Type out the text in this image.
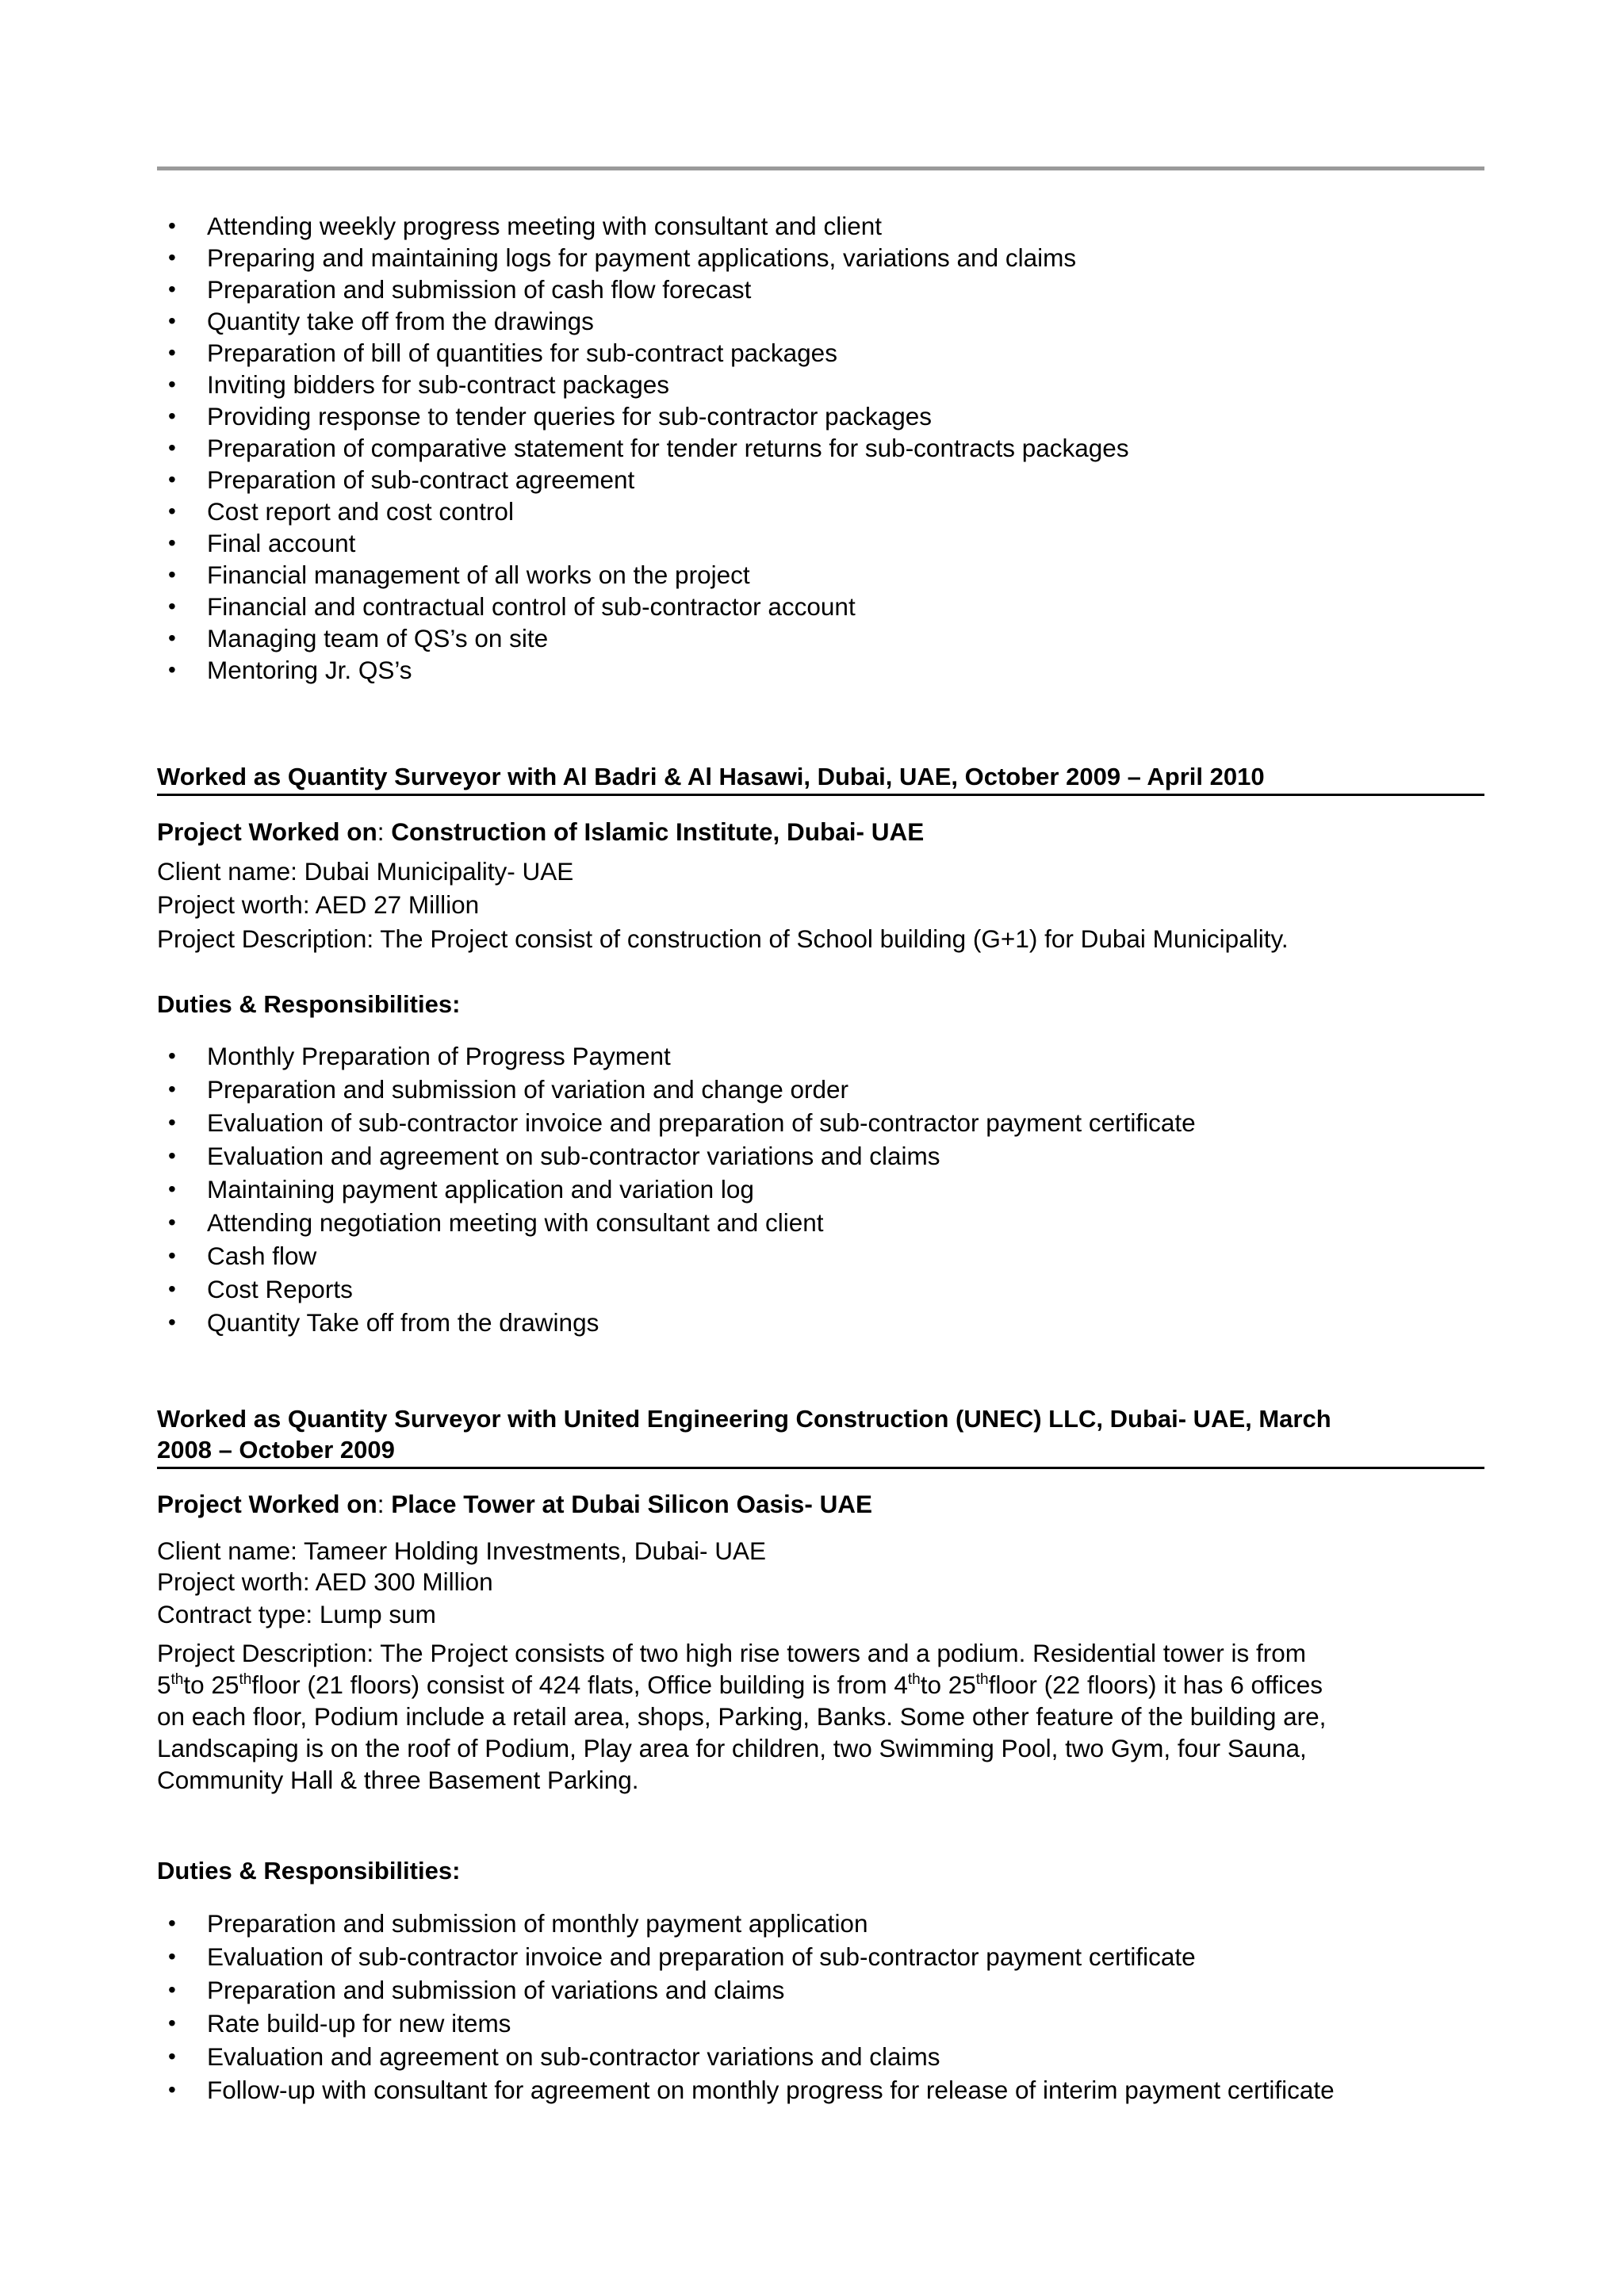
• Attending weekly progress meeting with consultant and client
• Preparing and maintaining logs for payment applications, variations and claims
• Preparation and submission of cash flow forecast
• Quantity take off from the drawings
• Preparation of bill of quantities for sub-contract packages
• Inviting bidders for sub-contract packages
• Providing response to tender queries for sub-contractor packages
• Preparation of comparative statement for tender returns for sub-contracts packages
• Preparation of sub-contract agreement
• Cost report and cost control
• Final account
• Financial management of all works on the project
• Financial and contractual control of sub-contractor account
• Managing team of QS’s on site
• Mentoring Jr. QS’s
Worked as Quantity Surveyor with Al Badri & Al Hasawi, Dubai, UAE, October 2009 – April 2010
Project Worked on: Construction of Islamic Institute, Dubai- UAE
Client name: Dubai Municipality- UAE
Project worth: AED 27 Million
Project Description: The Project consist of construction of School building (G+1) for Dubai Municipality.
Duties & Responsibilities:
• Monthly Preparation of Progress Payment
• Preparation and submission of variation and change order
• Evaluation of sub-contractor invoice and preparation of sub-contractor payment certificate
• Evaluation and agreement on sub-contractor variations and claims
• Maintaining payment application and variation log
• Attending negotiation meeting with consultant and client
• Cash flow
• Cost Reports
• Quantity Take off from the drawings
Worked as Quantity Surveyor with United Engineering Construction (UNEC) LLC, Dubai- UAE, March
2008 – October 2009
Project Worked on: Place Tower at Dubai Silicon Oasis- UAE
Client name: Tameer Holding Investments, Dubai- UAE
Project worth: AED 300 Million
Contract type: Lump sum
Project Description: The Project consists of two high rise towers and a podium. Residential tower is from
5thto 25thfloor (21 floors) consist of 424 flats, Office building is from 4thto 25thfloor (22 floors) it has 6 offices
on each floor, Podium include a retail area, shops, Parking, Banks. Some other feature of the building are,
Landscaping is on the roof of Podium, Play area for children, two Swimming Pool, two Gym, four Sauna,
Community Hall & three Basement Parking.
Duties & Responsibilities:
• Preparation and submission of monthly payment application
• Evaluation of sub-contractor invoice and preparation of sub-contractor payment certificate
• Preparation and submission of variations and claims
• Rate build-up for new items
• Evaluation and agreement on sub-contractor variations and claims
• Follow-up with consultant for agreement on monthly progress for release of interim payment certificate
